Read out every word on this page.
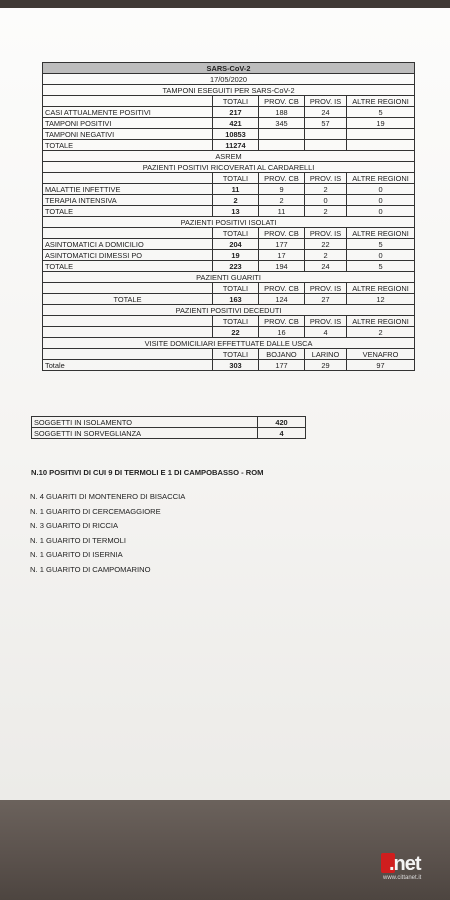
SARS-CoV-2				
17/05/2020				
TAMPONI ESEGUITI PER SARS-CoV-2				
	TOTALI	PROV. CB	PROV. IS	ALTRE REGIONI
CASI ATTUALMENTE POSITIVI	217	188	24	5
TAMPONI POSITIVI	421	345	57	19
TAMPONI NEGATIVI	10853			
TOTALE	11274			
ASREM				
PAZIENTI POSITIVI RICOVERATI AL CARDARELLI				
	TOTALI	PROV. CB	PROV. IS	ALTRE REGIONI
MALATTIE INFETTIVE	11	9	2	0
TERAPIA INTENSIVA	2	2	0	0
TOTALE	13	11	2	0
PAZIENTI POSITIVI ISOLATI				
	TOTALI	PROV. CB	PROV. IS	ALTRE REGIONI
ASINTOMATICI A DOMICILIO	204	177	22	5
ASINTOMATICI DIMESSI PO	19	17	2	0
TOTALE	223	194	24	5
PAZIENTI GUARITI				
	TOTALI	PROV. CB	PROV. IS	ALTRE REGIONI
TOTALE	163	124	27	12
PAZIENTI POSITIVI DECEDUTI				
	TOTALI	PROV. CB	PROV. IS	ALTRE REGIONI
	22	16	4	2
VISITE DOMICILIARI EFFETTUATE DALLE USCA				
	TOTALI	BOJANO	LARINO	VENAFRO
Totale	303	177	29	97
SOGGETTI IN ISOLAMENTO	420
SOGGETTI IN SORVEGLIANZA	4
N.10 POSITIVI DI CUI 9 DI TERMOLI E 1 DI CAMPOBASSO - ROM
N. 4 GUARITI DI MONTENERO DI BISACCIA
N. 1 GUARITO DI CERCEMAGGIORE
N. 3 GUARITO DI RICCIA
N. 1 GUARITO DI TERMOLI
N. 1 GUARITO DI ISERNIA
N. 1 GUARITO DI CAMPOMARINO
.net
www.cittanet.it
